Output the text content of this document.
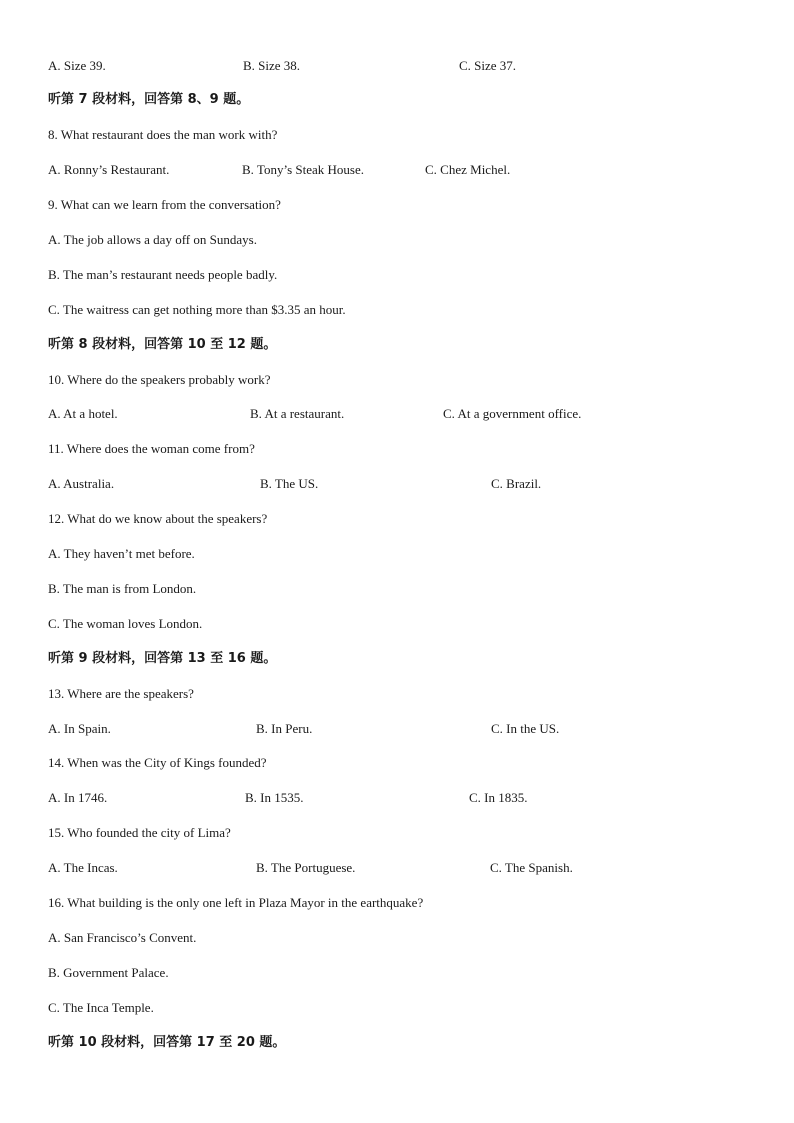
A. Size 39.	B. Size 38.	C. Size 37.
听第 7 段材料，回答第 8、9 题。
8. What restaurant does the man work with?
A. Ronny’s Restaurant.	B. Tony’s Steak House.	C. Chez Michel.
9. What can we learn from the conversation?
A. The job allows a day off on Sundays.
B. The man’s restaurant needs people badly.
C. The waitress can get nothing more than $3.35 an hour.
听第 8 段材料，回答第 10 至 12 题。
10. Where do the speakers probably work?
A. At a hotel.	B. At a restaurant.	C. At a government office.
11. Where does the woman come from?
A. Australia.	B. The US.	C. Brazil.
12. What do we know about the speakers?
A. They haven’t met before.
B. The man is from London.
C. The woman loves London.
听第 9 段材料，回答第 13 至 16 题。
13. Where are the speakers?
A. In Spain.	B. In Peru.	C. In the US.
14. When was the City of Kings founded?
A. In 1746.	B. In 1535.	C. In 1835.
15. Who founded the city of Lima?
A. The Incas.	B. The Portuguese.	C. The Spanish.
16. What building is the only one left in Plaza Mayor in the earthquake?
A. San Francisco’s Convent.
B. Government Palace.
C. The Inca Temple.
听第 10 段材料，回答第 17 至 20 题。
